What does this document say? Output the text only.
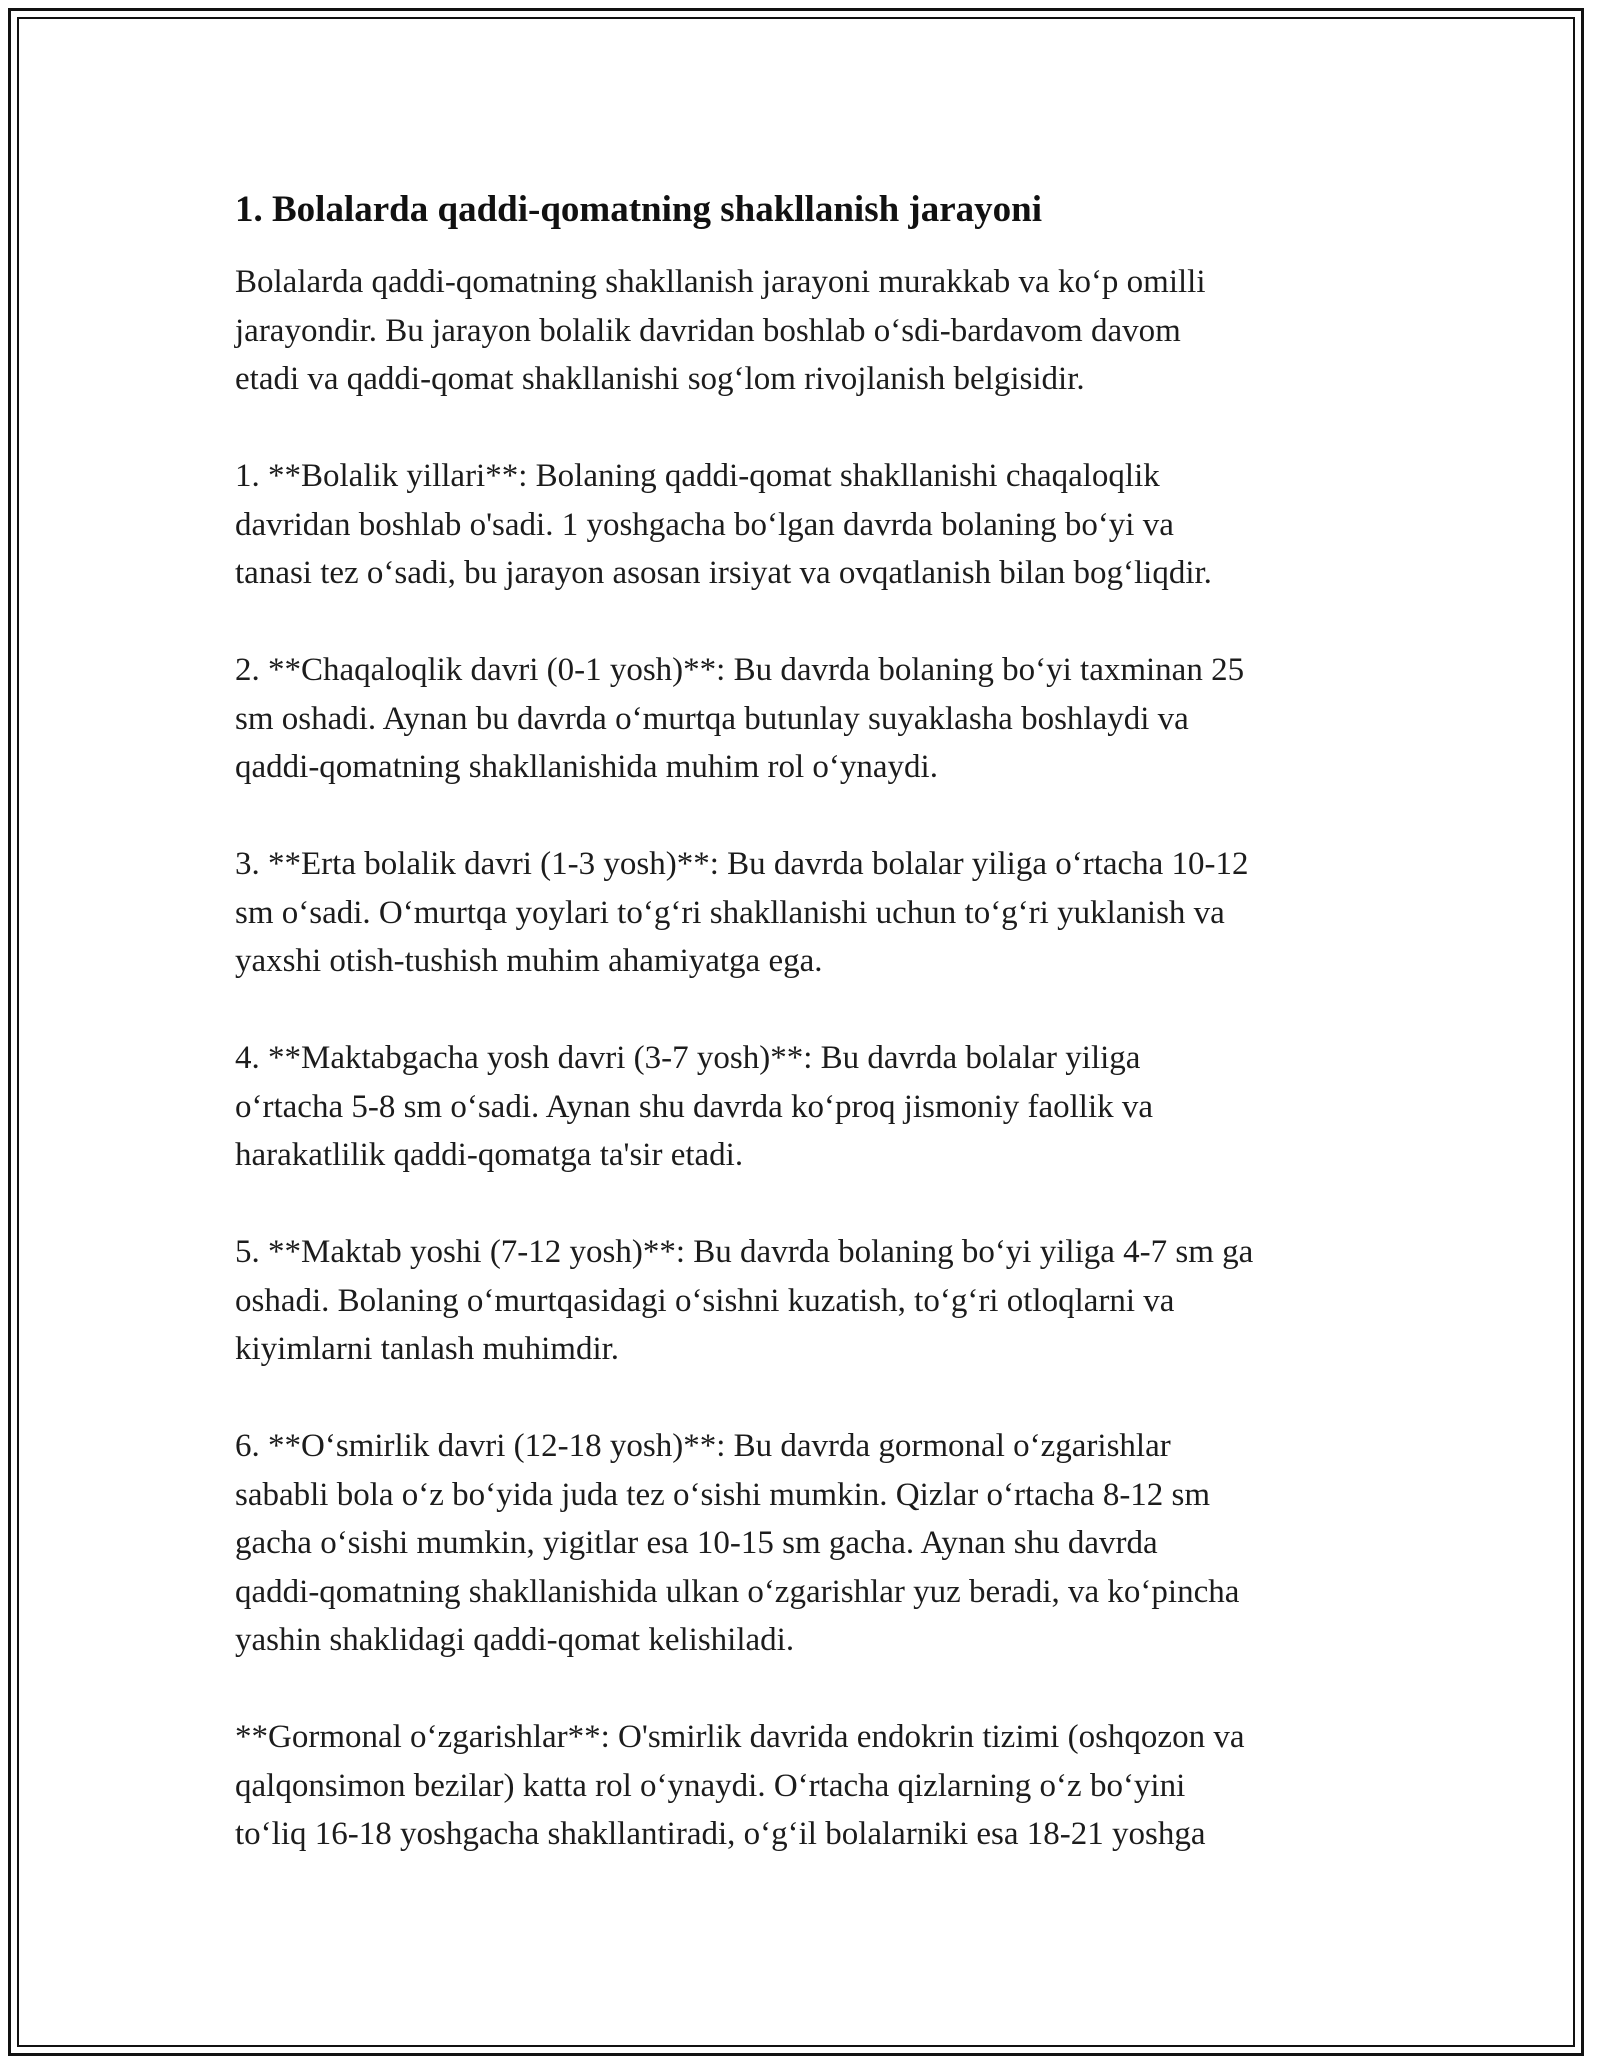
1. Bolalarda qaddi-qomatning shakllanish jarayoni
Bolalarda qaddi-qomatning shakllanish jarayoni murakkab va ko‘p omilli
jarayondir. Bu jarayon bolalik davridan boshlab o‘sdi-bardavom davom
etadi va qaddi-qomat shakllanishi sog‘lom rivojlanish belgisidir.
1. **Bolalik yillari**: Bolaning qaddi-qomat shakllanishi chaqaloqlik
davridan boshlab o'sadi. 1 yoshgacha bo‘lgan davrda bolaning bo‘yi va
tanasi tez o‘sadi, bu jarayon asosan irsiyat va ovqatlanish bilan bog‘liqdir.
2. **Chaqaloqlik davri (0-1 yosh)**: Bu davrda bolaning bo‘yi taxminan 25
sm oshadi. Aynan bu davrda o‘murtqa butunlay suyaklasha boshlaydi va
qaddi-qomatning shakllanishida muhim rol o‘ynaydi.
3. **Erta bolalik davri (1-3 yosh)**: Bu davrda bolalar yiliga o‘rtacha 10-12
sm o‘sadi. O‘murtqa yoylari to‘g‘ri shakllanishi uchun to‘g‘ri yuklanish va
yaxshi otish-tushish muhim ahamiyatga ega.
4. **Maktabgacha yosh davri (3-7 yosh)**: Bu davrda bolalar yiliga
o‘rtacha 5-8 sm o‘sadi. Aynan shu davrda ko‘proq jismoniy faollik va
harakatlilik qaddi-qomatga ta'sir etadi.
5. **Maktab yoshi (7-12 yosh)**: Bu davrda bolaning bo‘yi yiliga 4-7 sm ga
oshadi. Bolaning o‘murtqasidagi o‘sishni kuzatish, to‘g‘ri otloqlarni va
kiyimlarni tanlash muhimdir.
6. **O‘smirlik davri (12-18 yosh)**: Bu davrda gormonal o‘zgarishlar
sababli bola o‘z bo‘yida juda tez o‘sishi mumkin. Qizlar o‘rtacha 8-12 sm
gacha o‘sishi mumkin, yigitlar esa 10-15 sm gacha. Aynan shu davrda
qaddi-qomatning shakllanishida ulkan o‘zgarishlar yuz beradi, va ko‘pincha
yashin shaklidagi qaddi-qomat kelishiladi.
**Gormonal o‘zgarishlar**: O'smirlik davrida endokrin tizimi (oshqozon va
qalqonsimon bezilar) katta rol o‘ynaydi. O‘rtacha qizlarning o‘z bo‘yini
to‘liq 16-18 yoshgacha shakllantiradi, o‘g‘il bolalarniki esa 18-21 yoshga
